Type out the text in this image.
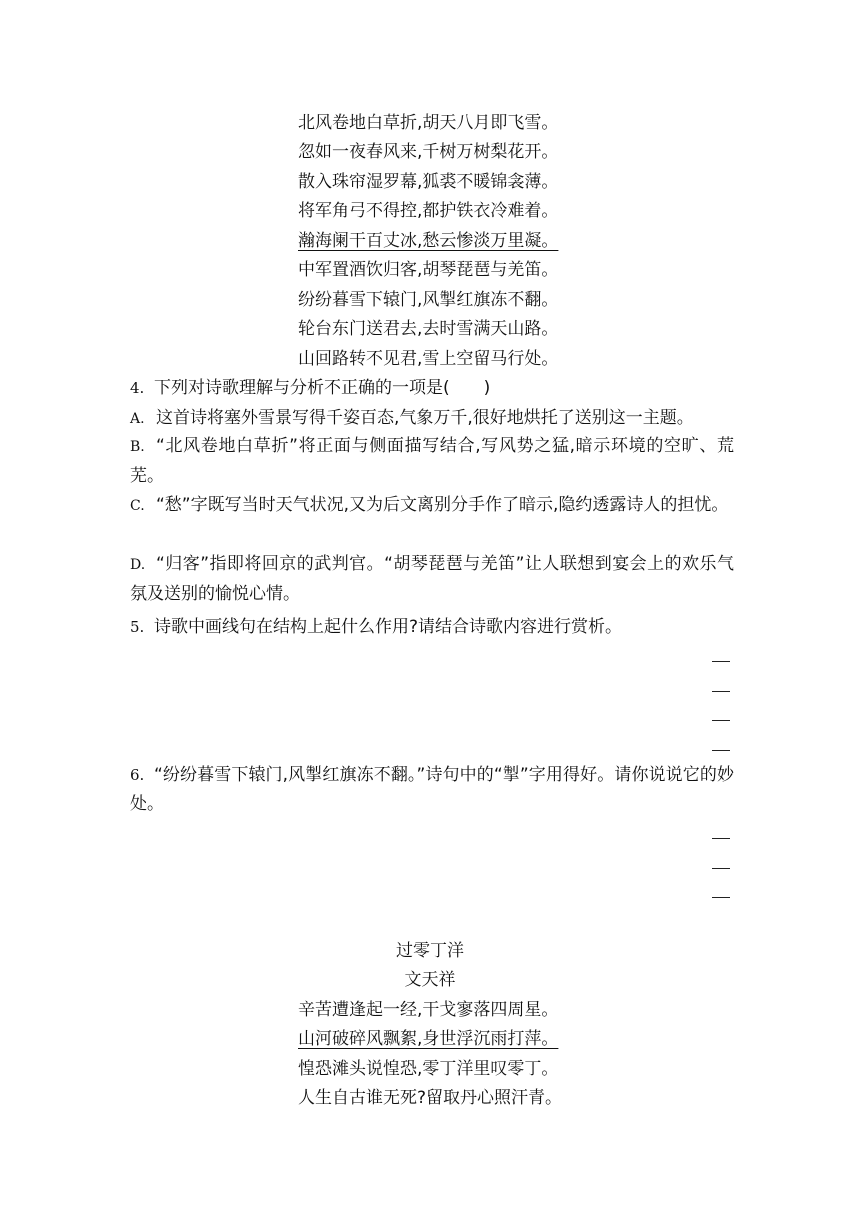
北风卷地白草折,胡天八月即飞雪。
忽如一夜春风来,千树万树梨花开。
散入珠帘湿罗幕,狐裘不暖锦衾薄。
将军角弓不得控,都护铁衣冷难着。
瀚海阑干百丈冰,愁云惨淡万里凝。
中军置酒饮归客,胡琴琵琶与羌笛。
纷纷暮雪下辕门,风掣红旗冻不翻。
轮台东门送君去,去时雪满天山路。
山回路转不见君,雪上空留马行处。
4. 下列对诗歌理解与分析不正确的一项是(　　)
A. 这首诗将塞外雪景写得千姿百态,气象万千,很好地烘托了送别这一主题。
B. “北风卷地白草折”将正面与侧面描写结合,写风势之猛,暗示环境的空旷、荒芜。
C. “愁”字既写当时天气状况,又为后文离别分手作了暗示,隐约透露诗人的担忧。
D. “归客”指即将回京的武判官。“胡琴琵琶与羌笛”让人联想到宴会上的欢乐气氛及送别的愉悦心情。
5. 诗歌中画线句在结构上起什么作用?请结合诗歌内容进行赏析。
6. “纷纷暮雪下辕门,风掣红旗冻不翻。”诗句中的“掣”字用得好。请你说说它的妙处。
过零丁洋
文天祥
辛苦遭逢起一经,干戈寥落四周星。
山河破碎风飘絮,身世浮沉雨打萍。
惶恐滩头说惶恐,零丁洋里叹零丁。
人生自古谁无死?留取丹心照汗青。
